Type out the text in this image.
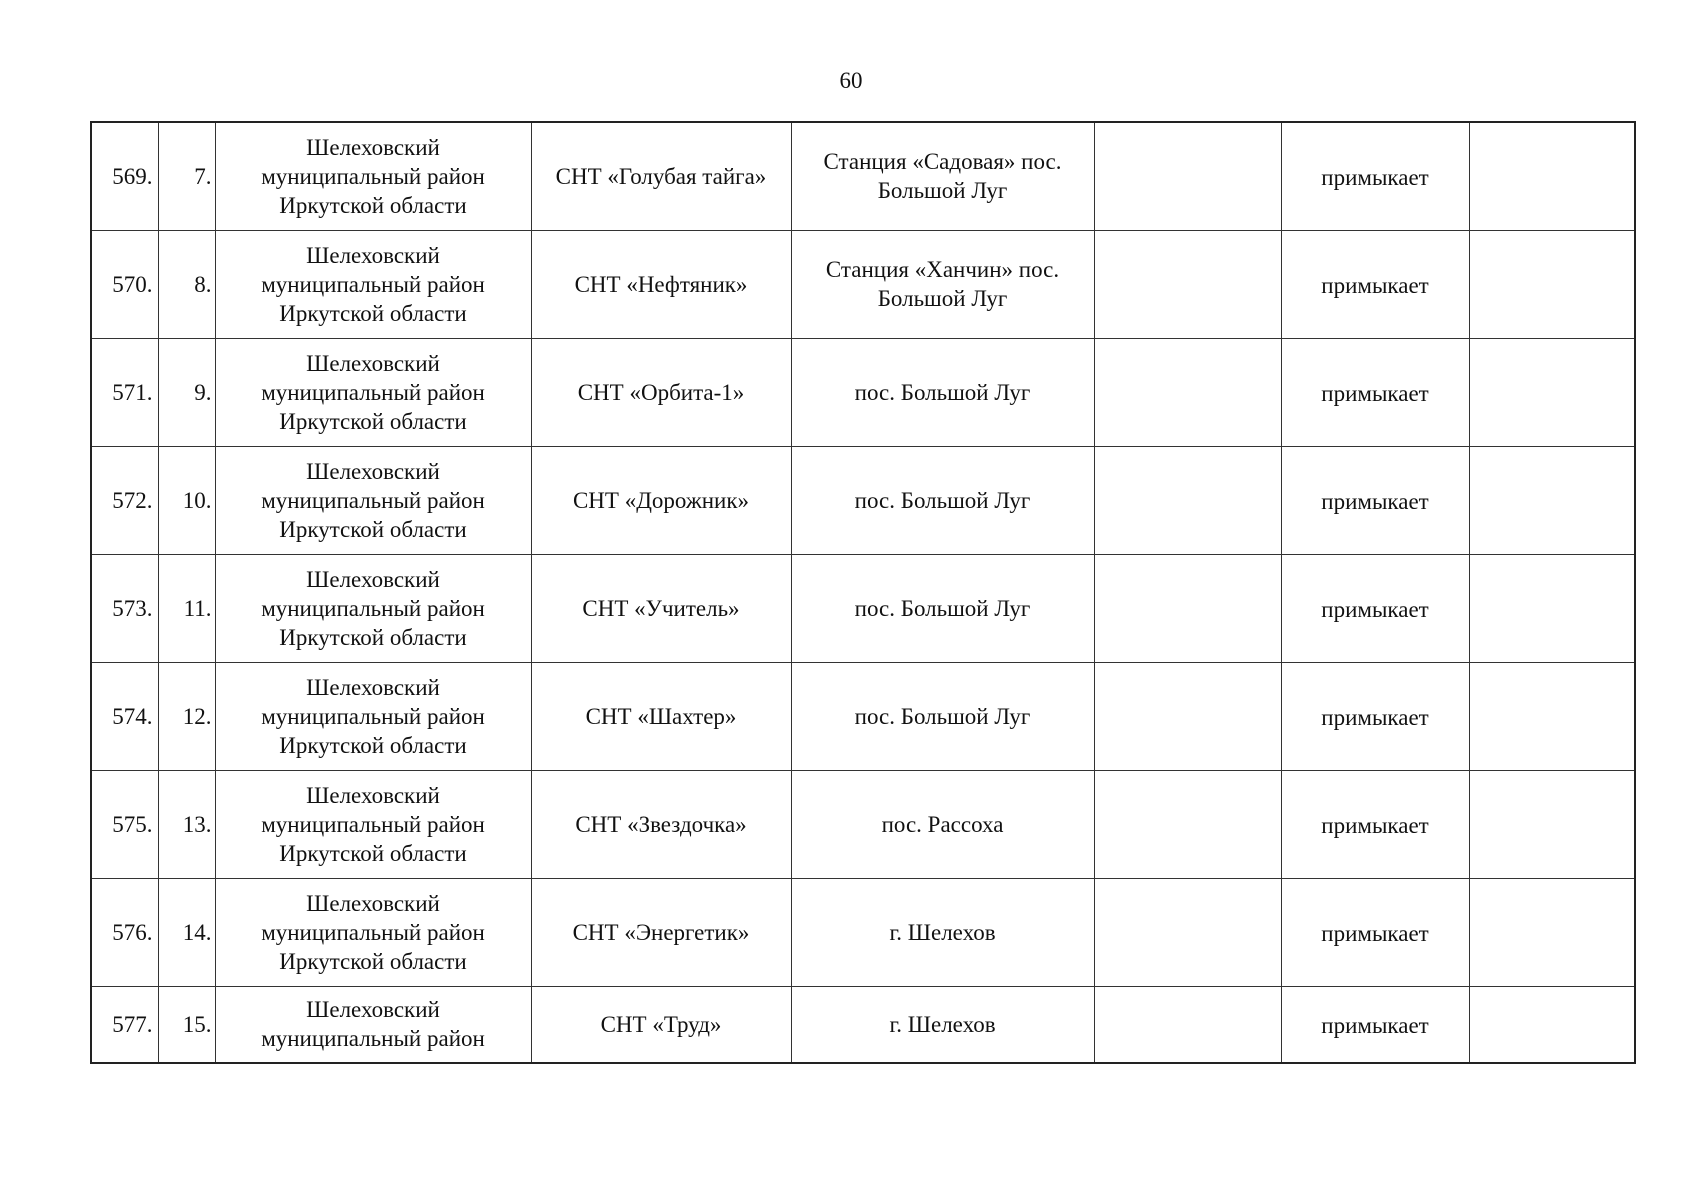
60
569.	7.	Шелеховский
муниципальный район
Иркутской области	СНТ «Голубая тайга»	Станция «Садовая» пос.
Большой Луг		примыкает	
570.	8.	Шелеховский
муниципальный район
Иркутской области	СНТ «Нефтяник»	Станция «Ханчин» пос.
Большой Луг		примыкает	
571.	9.	Шелеховский
муниципальный район
Иркутской области	СНТ «Орбита-1»	пос. Большой Луг		примыкает	
572.	10.	Шелеховский
муниципальный район
Иркутской области	СНТ «Дорожник»	пос. Большой Луг		примыкает	
573.	11.	Шелеховский
муниципальный район
Иркутской области	СНТ «Учитель»	пос. Большой Луг		примыкает	
574.	12.	Шелеховский
муниципальный район
Иркутской области	СНТ «Шахтер»	пос. Большой Луг		примыкает	
575.	13.	Шелеховский
муниципальный район
Иркутской области	СНТ «Звездочка»	пос. Рассоха		примыкает	
576.	14.	Шелеховский
муниципальный район
Иркутской области	СНТ «Энергетик»	г. Шелехов		примыкает	
577.	15.	Шелеховский
муниципальный район	СНТ «Труд»	г. Шелехов		примыкает	
